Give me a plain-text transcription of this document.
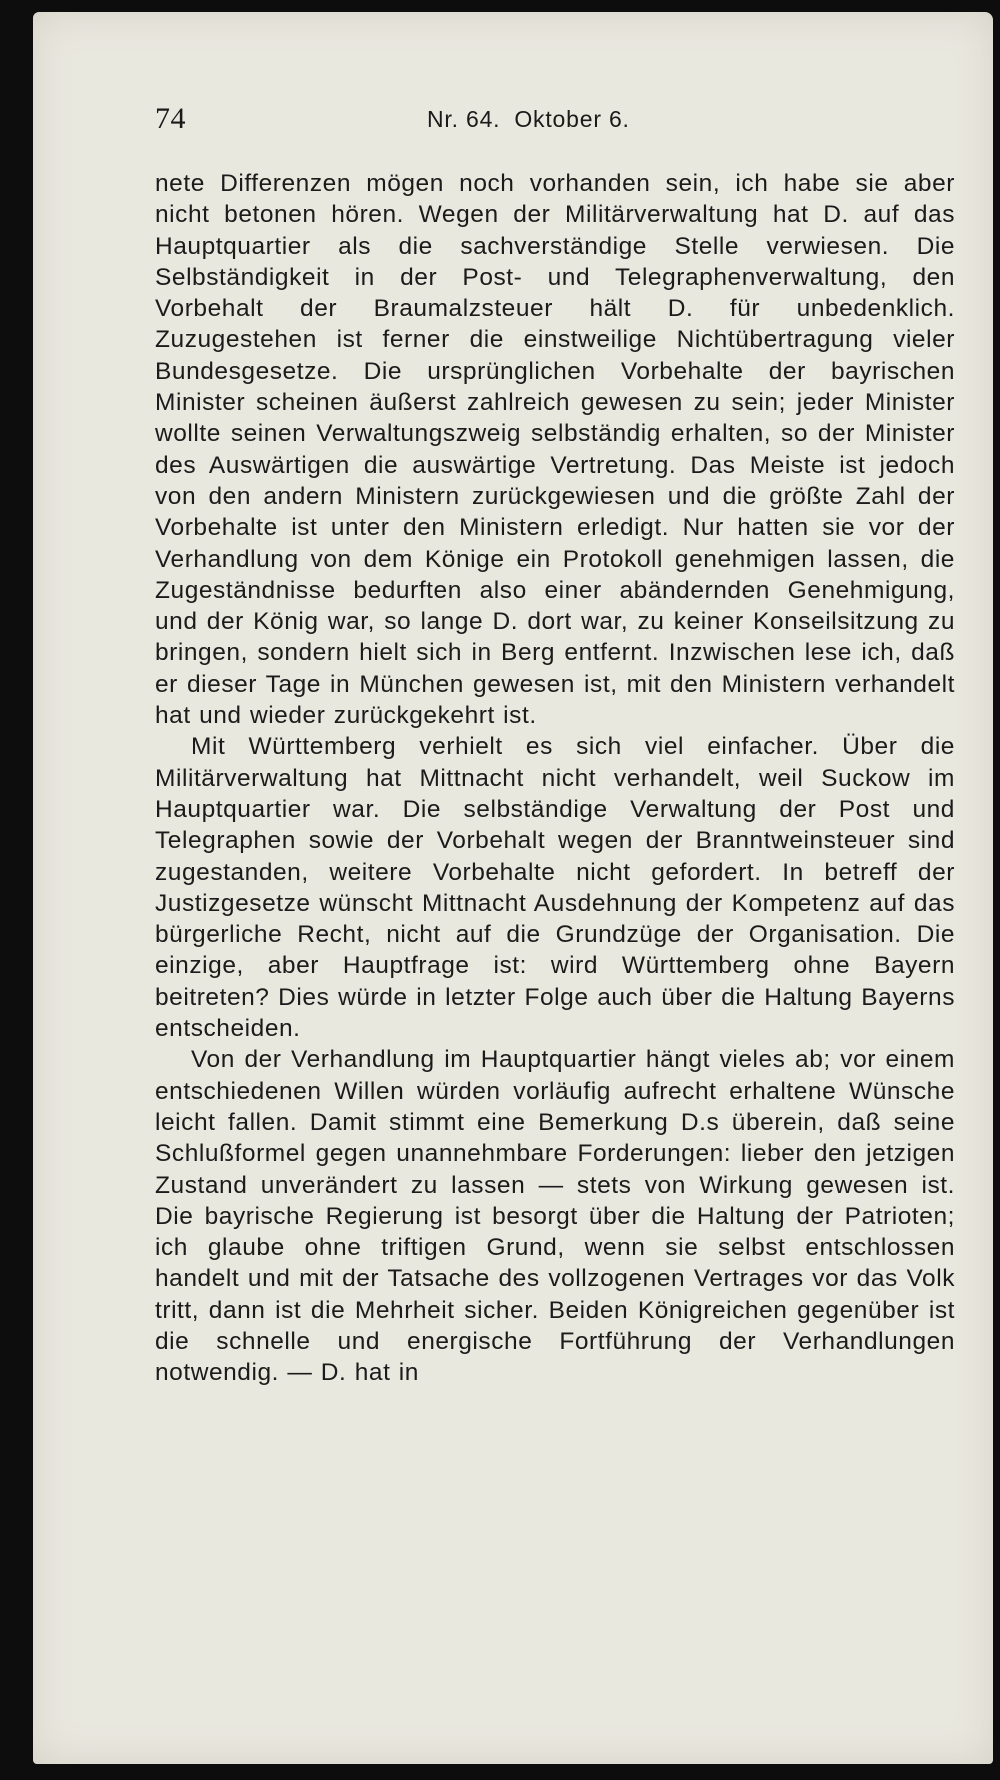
74	Nr. 64. Oktober 6.

nete Differenzen mögen noch vorhanden sein, ich habe sie aber nicht betonen hören. Wegen der Militärverwaltung hat D. auf das Hauptquartier als die sachverständige Stelle verwiesen. Die Selbständigkeit in der Post- und Telegraphenverwaltung, den Vorbehalt der Braumalzsteuer hält D. für unbedenklich. Zuzugestehen ist ferner die einstweilige Nichtübertragung vieler Bundesgesetze. Die ursprünglichen Vorbehalte der bayrischen Minister scheinen äußerst zahlreich gewesen zu sein; jeder Minister wollte seinen Verwaltungszweig selbständig erhalten, so der Minister des Auswärtigen die auswärtige Vertretung. Das Meiste ist jedoch von den andern Ministern zurückgewiesen und die größte Zahl der Vorbehalte ist unter den Ministern erledigt. Nur hatten sie vor der Verhandlung von dem Könige ein Protokoll genehmigen lassen, die Zugeständnisse bedurften also einer abändernden Genehmigung, und der König war, so lange D. dort war, zu keiner Konseilsitzung zu bringen, sondern hielt sich in Berg entfernt. Inzwischen lese ich, daß er dieser Tage in München gewesen ist, mit den Ministern verhandelt hat und wieder zurückgekehrt ist.

Mit Württemberg verhielt es sich viel einfacher. Über die Militärverwaltung hat Mittnacht nicht verhandelt, weil Suckow im Hauptquartier war. Die selbständige Verwaltung der Post und Telegraphen sowie der Vorbehalt wegen der Branntweinsteuer sind zugestanden, weitere Vorbehalte nicht gefordert. In betreff der Justizgesetze wünscht Mittnacht Ausdehnung der Kompetenz auf das bürgerliche Recht, nicht auf die Grundzüge der Organisation. Die einzige, aber Hauptfrage ist: wird Württemberg ohne Bayern beitreten? Dies würde in letzter Folge auch über die Haltung Bayerns entscheiden.

Von der Verhandlung im Hauptquartier hängt vieles ab; vor einem entschiedenen Willen würden vorläufig aufrecht erhaltene Wünsche leicht fallen. Damit stimmt eine Bemerkung D.s überein, daß seine Schlußformel gegen unannehmbare Forderungen: lieber den jetzigen Zustand unverändert zu lassen — stets von Wirkung gewesen ist. Die bayrische Regierung ist besorgt über die Haltung der Patrioten; ich glaube ohne triftigen Grund, wenn sie selbst entschlossen handelt und mit der Tatsache des vollzogenen Vertrages vor das Volk tritt, dann ist die Mehrheit sicher. Beiden Königreichen gegenüber ist die schnelle und energische Fortführung der Verhandlungen notwendig. — D. hat in
